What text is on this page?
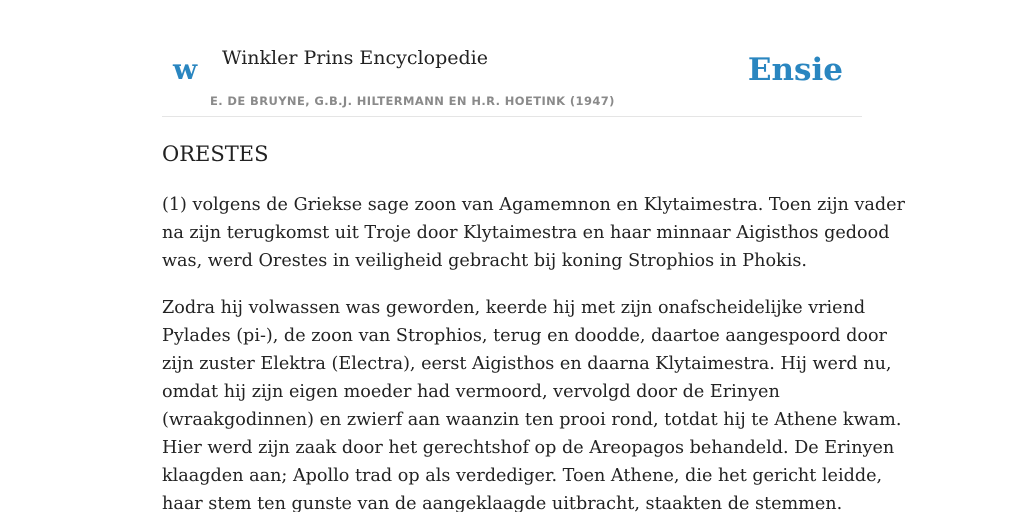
w Winkler Prins Encyclopedie
E. DE BRUYNE, G.B.J. HILTERMANN EN H.R. HOETINK (1947)
Ensie
ORESTES
(1) volgens de Griekse sage zoon van Agamemnon en Klytaimestra. Toen zijn vader
na zijn terugkomst uit Troje door Klytaimestra en haar minnaar Aigisthos gedood
was, werd Orestes in veiligheid gebracht bij koning Strophios in Phokis.
Zodra hij volwassen was geworden, keerde hij met zijn onafscheidelijke vriend
Pylades (pi-), de zoon van Strophios, terug en doodde, daartoe aangespoord door
zijn zuster Elektra (Electra), eerst Aigisthos en daarna Klytaimestra. Hij werd nu,
omdat hij zijn eigen moeder had vermoord, vervolgd door de Erinyen
(wraakgodinnen) en zwierf aan waanzin ten prooi rond, totdat hij te Athene kwam.
Hier werd zijn zaak door het gerechtshof op de Areopagos behandeld. De Erinyen
klaagden aan; Apollo trad op als verdediger. Toen Athene, die het gericht leidde,
haar stem ten gunste van de aangeklaagde uitbracht, staakten de stemmen.
